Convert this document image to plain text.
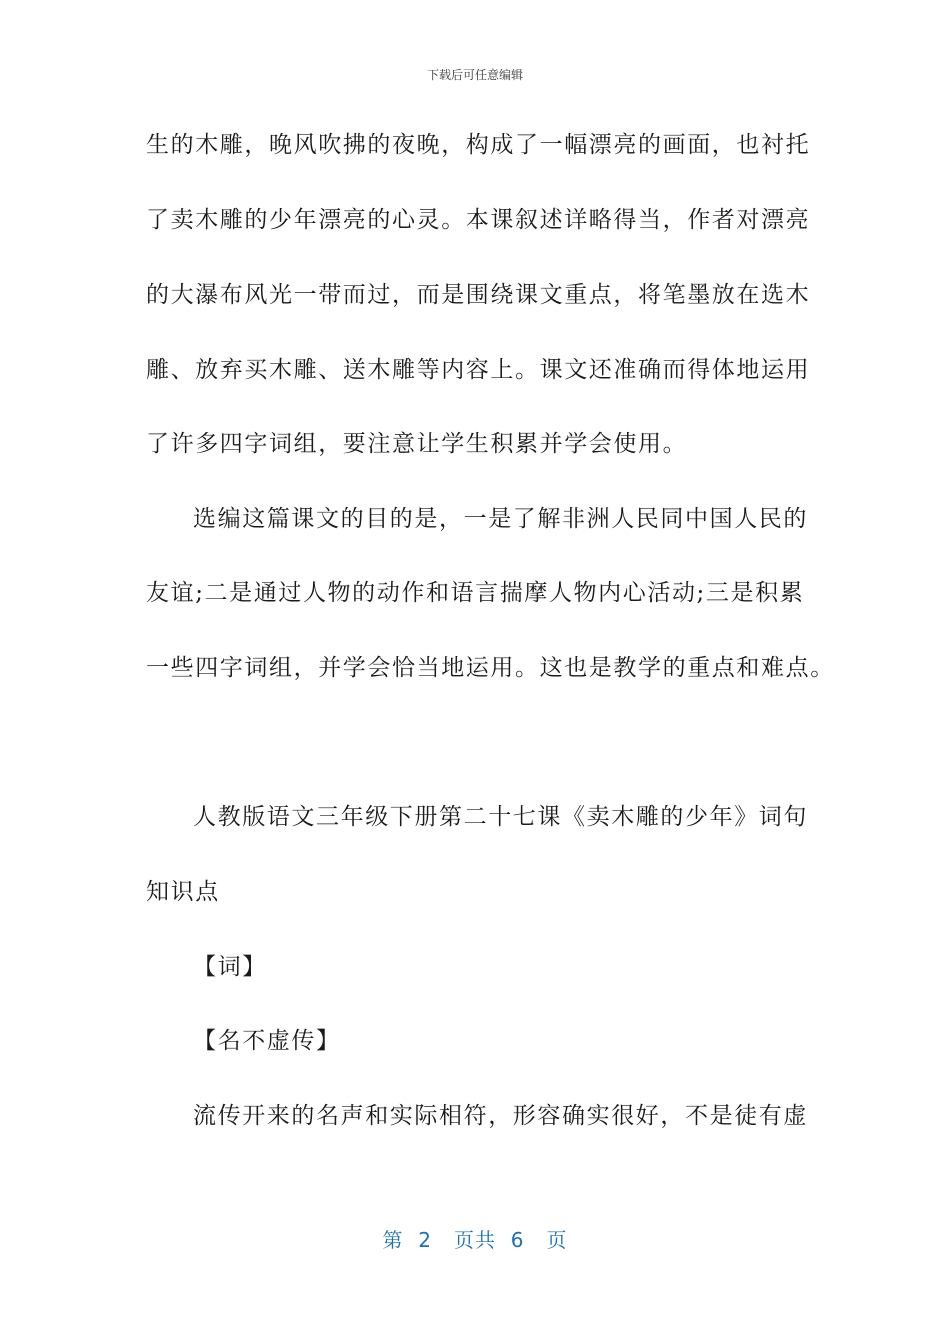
下载后可任意编辑
生的木雕，晚风吹拂的夜晚，构成了一幅漂亮的画面，也衬托
了卖木雕的少年漂亮的心灵。本课叙述详略得当，作者对漂亮
的大瀑布风光一带而过，而是围绕课文重点，将笔墨放在选木
雕、放弃买木雕、送木雕等内容上。课文还准确而得体地运用
了许多四字词组，要注意让学生积累并学会使用。
选编这篇课文的目的是，一是了解非洲人民同中国人民的
友谊;二是通过人物的动作和语言揣摩人物内心活动;三是积累
一些四字词组，并学会恰当地运用。这也是教学的重点和难点。
人教版语文三年级下册第二十七课《卖木雕的少年》词句
知识点
【词】
【名不虚传】
流传开来的名声和实际相符，形容确实很好，不是徒有虚
第  2   页共  6   页
